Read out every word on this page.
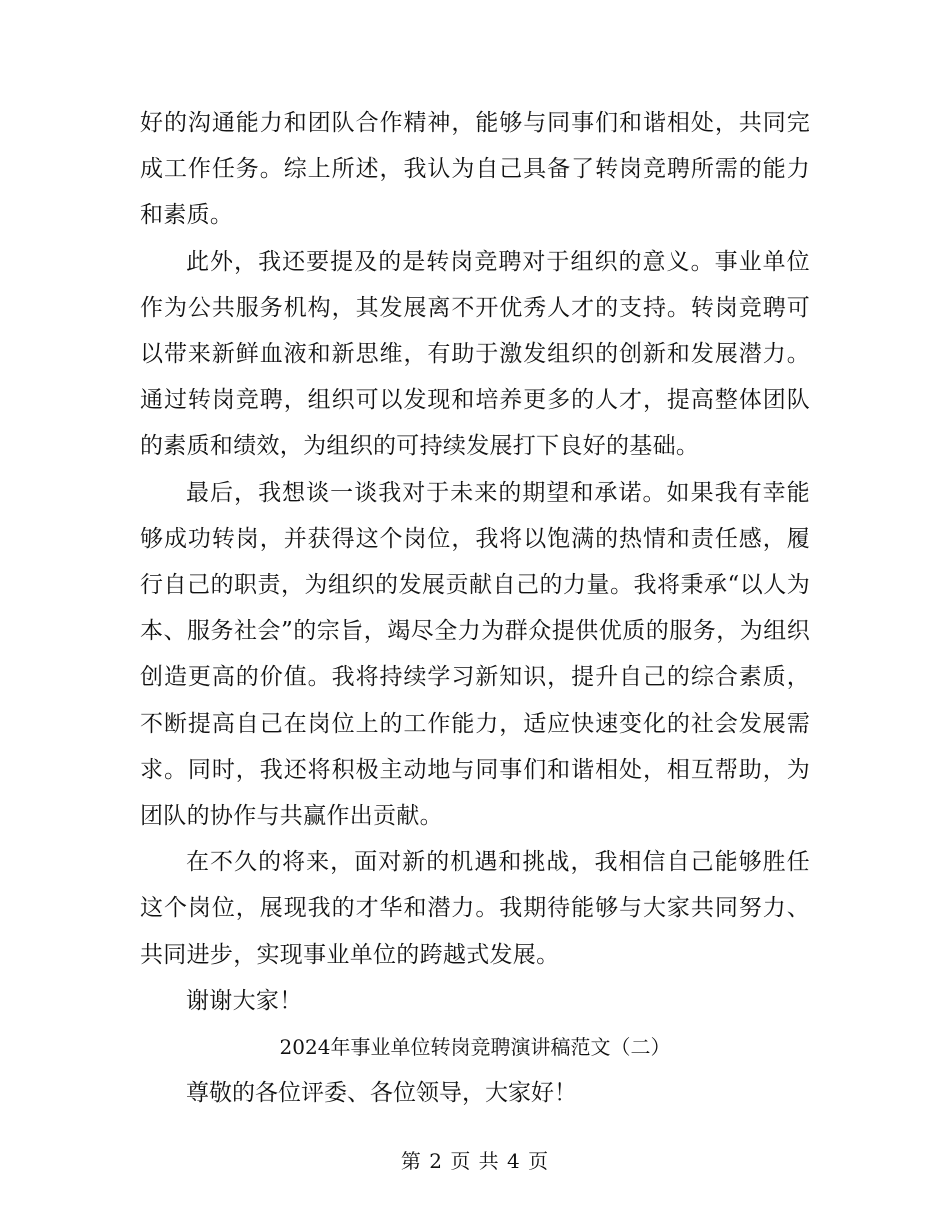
好的沟通能力和团队合作精神，能够与同事们和谐相处，共同完成工作任务。综上所述，我认为自己具备了转岗竞聘所需的能力和素质。

此外，我还要提及的是转岗竞聘对于组织的意义。事业单位作为公共服务机构，其发展离不开优秀人才的支持。转岗竞聘可以带来新鲜血液和新思维，有助于激发组织的创新和发展潜力。通过转岗竞聘，组织可以发现和培养更多的人才，提高整体团队的素质和绩效，为组织的可持续发展打下良好的基础。

最后，我想谈一谈我对于未来的期望和承诺。如果我有幸能够成功转岗，并获得这个岗位，我将以饱满的热情和责任感，履行自己的职责，为组织的发展贡献自己的力量。我将秉承“以人为本、服务社会”的宗旨，竭尽全力为群众提供优质的服务，为组织创造更高的价值。我将持续学习新知识，提升自己的综合素质，不断提高自己在岗位上的工作能力，适应快速变化的社会发展需求。同时，我还将积极主动地与同事们和谐相处，相互帮助，为团队的协作与共赢作出贡献。

在不久的将来，面对新的机遇和挑战，我相信自己能够胜任这个岗位，展现我的才华和潜力。我期待能够与大家共同努力、共同进步，实现事业单位的跨越式发展。

谢谢大家！

2024年事业单位转岗竞聘演讲稿范文（二）

尊敬的各位评委、各位领导，大家好！

第 2 页 共 4 页
